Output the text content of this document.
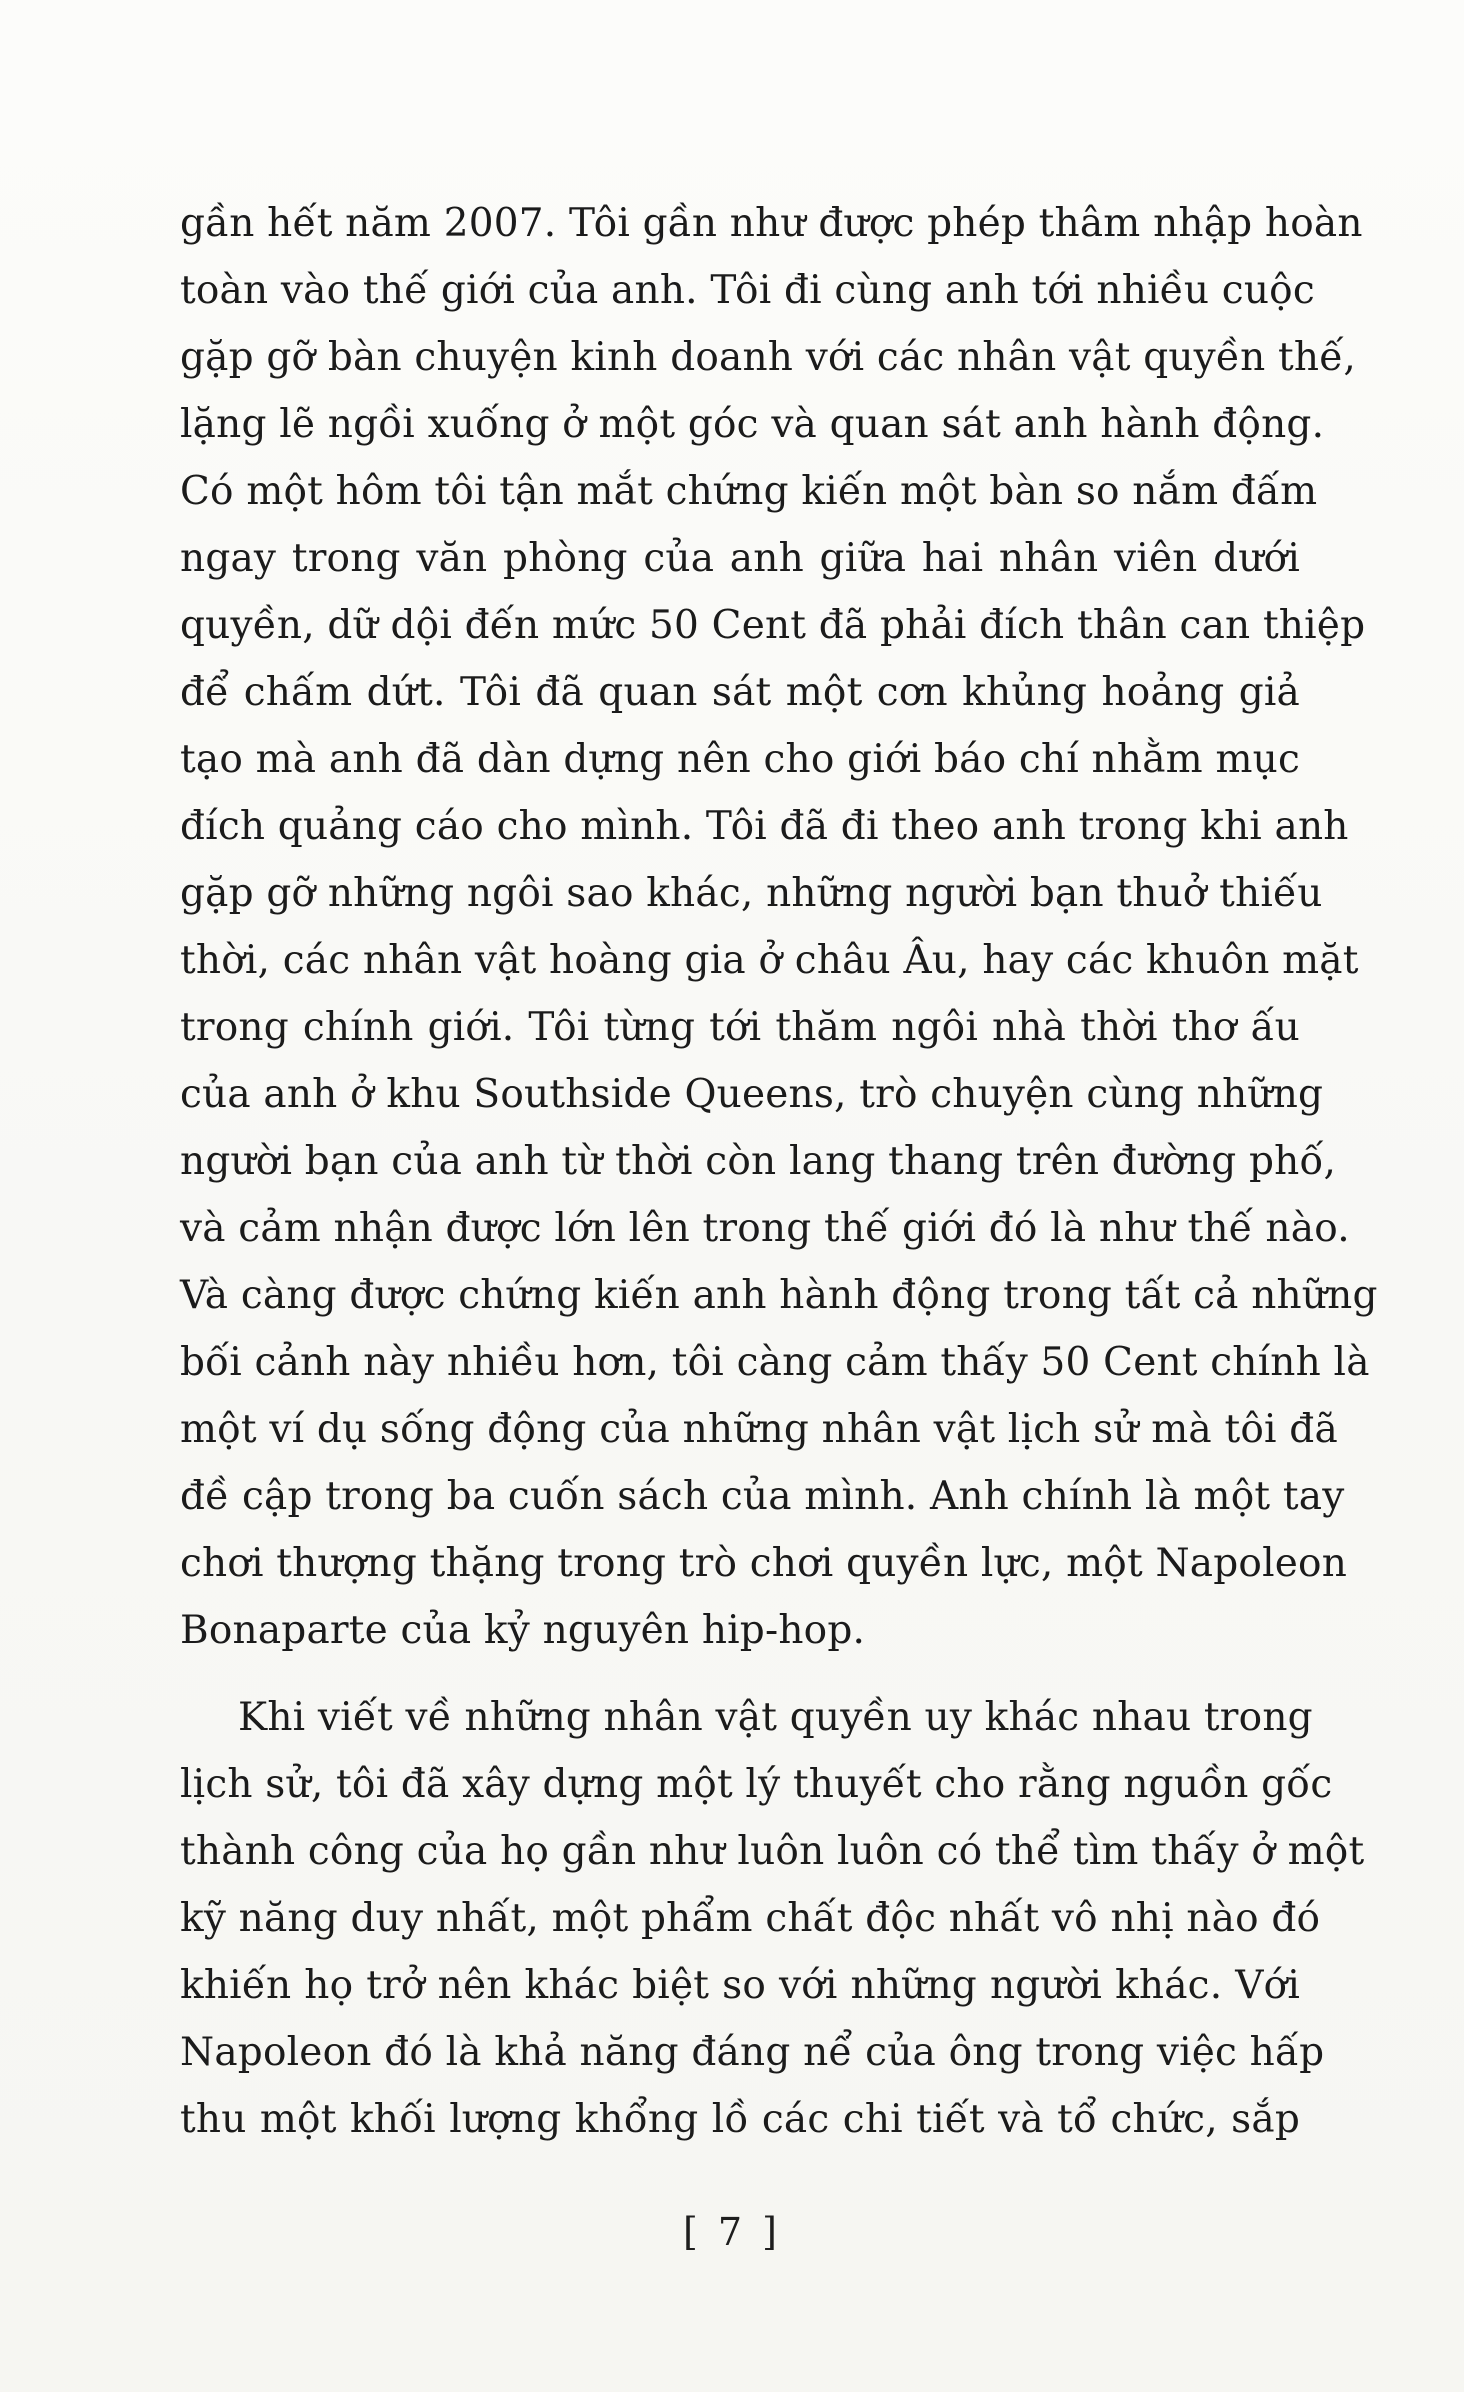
gần hết năm 2007. Tôi gần như được phép thâm nhập hoàn
toàn vào thế giới của anh. Tôi đi cùng anh tới nhiều cuộc
gặp gỡ bàn chuyện kinh doanh với các nhân vật quyền thế,
lặng lẽ ngồi xuống ở một góc và quan sát anh hành động.
Có một hôm tôi tận mắt chứng kiến một bàn so nắm đấm
ngay trong văn phòng của anh giữa hai nhân viên dưới
quyền, dữ dội đến mức 50 Cent đã phải đích thân can thiệp
để chấm dứt. Tôi đã quan sát một cơn khủng hoảng giả
tạo mà anh đã dàn dựng nên cho giới báo chí nhằm mục
đích quảng cáo cho mình. Tôi đã đi theo anh trong khi anh
gặp gỡ những ngôi sao khác, những người bạn thuở thiếu
thời, các nhân vật hoàng gia ở châu Âu, hay các khuôn mặt
trong chính giới. Tôi từng tới thăm ngôi nhà thời thơ ấu
của anh ở khu Southside Queens, trò chuyện cùng những
người bạn của anh từ thời còn lang thang trên đường phố,
và cảm nhận được lớn lên trong thế giới đó là như thế nào.
Và càng được chứng kiến anh hành động trong tất cả những
bối cảnh này nhiều hơn, tôi càng cảm thấy 50 Cent chính là
một ví dụ sống động của những nhân vật lịch sử mà tôi đã
đề cập trong ba cuốn sách của mình. Anh chính là một tay
chơi thượng thặng trong trò chơi quyền lực, một Napoleon
Bonaparte của kỷ nguyên hip-hop.
Khi viết về những nhân vật quyền uy khác nhau trong
lịch sử, tôi đã xây dựng một lý thuyết cho rằng nguồn gốc
thành công của họ gần như luôn luôn có thể tìm thấy ở một
kỹ năng duy nhất, một phẩm chất độc nhất vô nhị nào đó
khiến họ trở nên khác biệt so với những người khác. Với
Napoleon đó là khả năng đáng nể của ông trong việc hấp
thu một khối lượng khổng lồ các chi tiết và tổ chức, sắp
[ 7 ]
